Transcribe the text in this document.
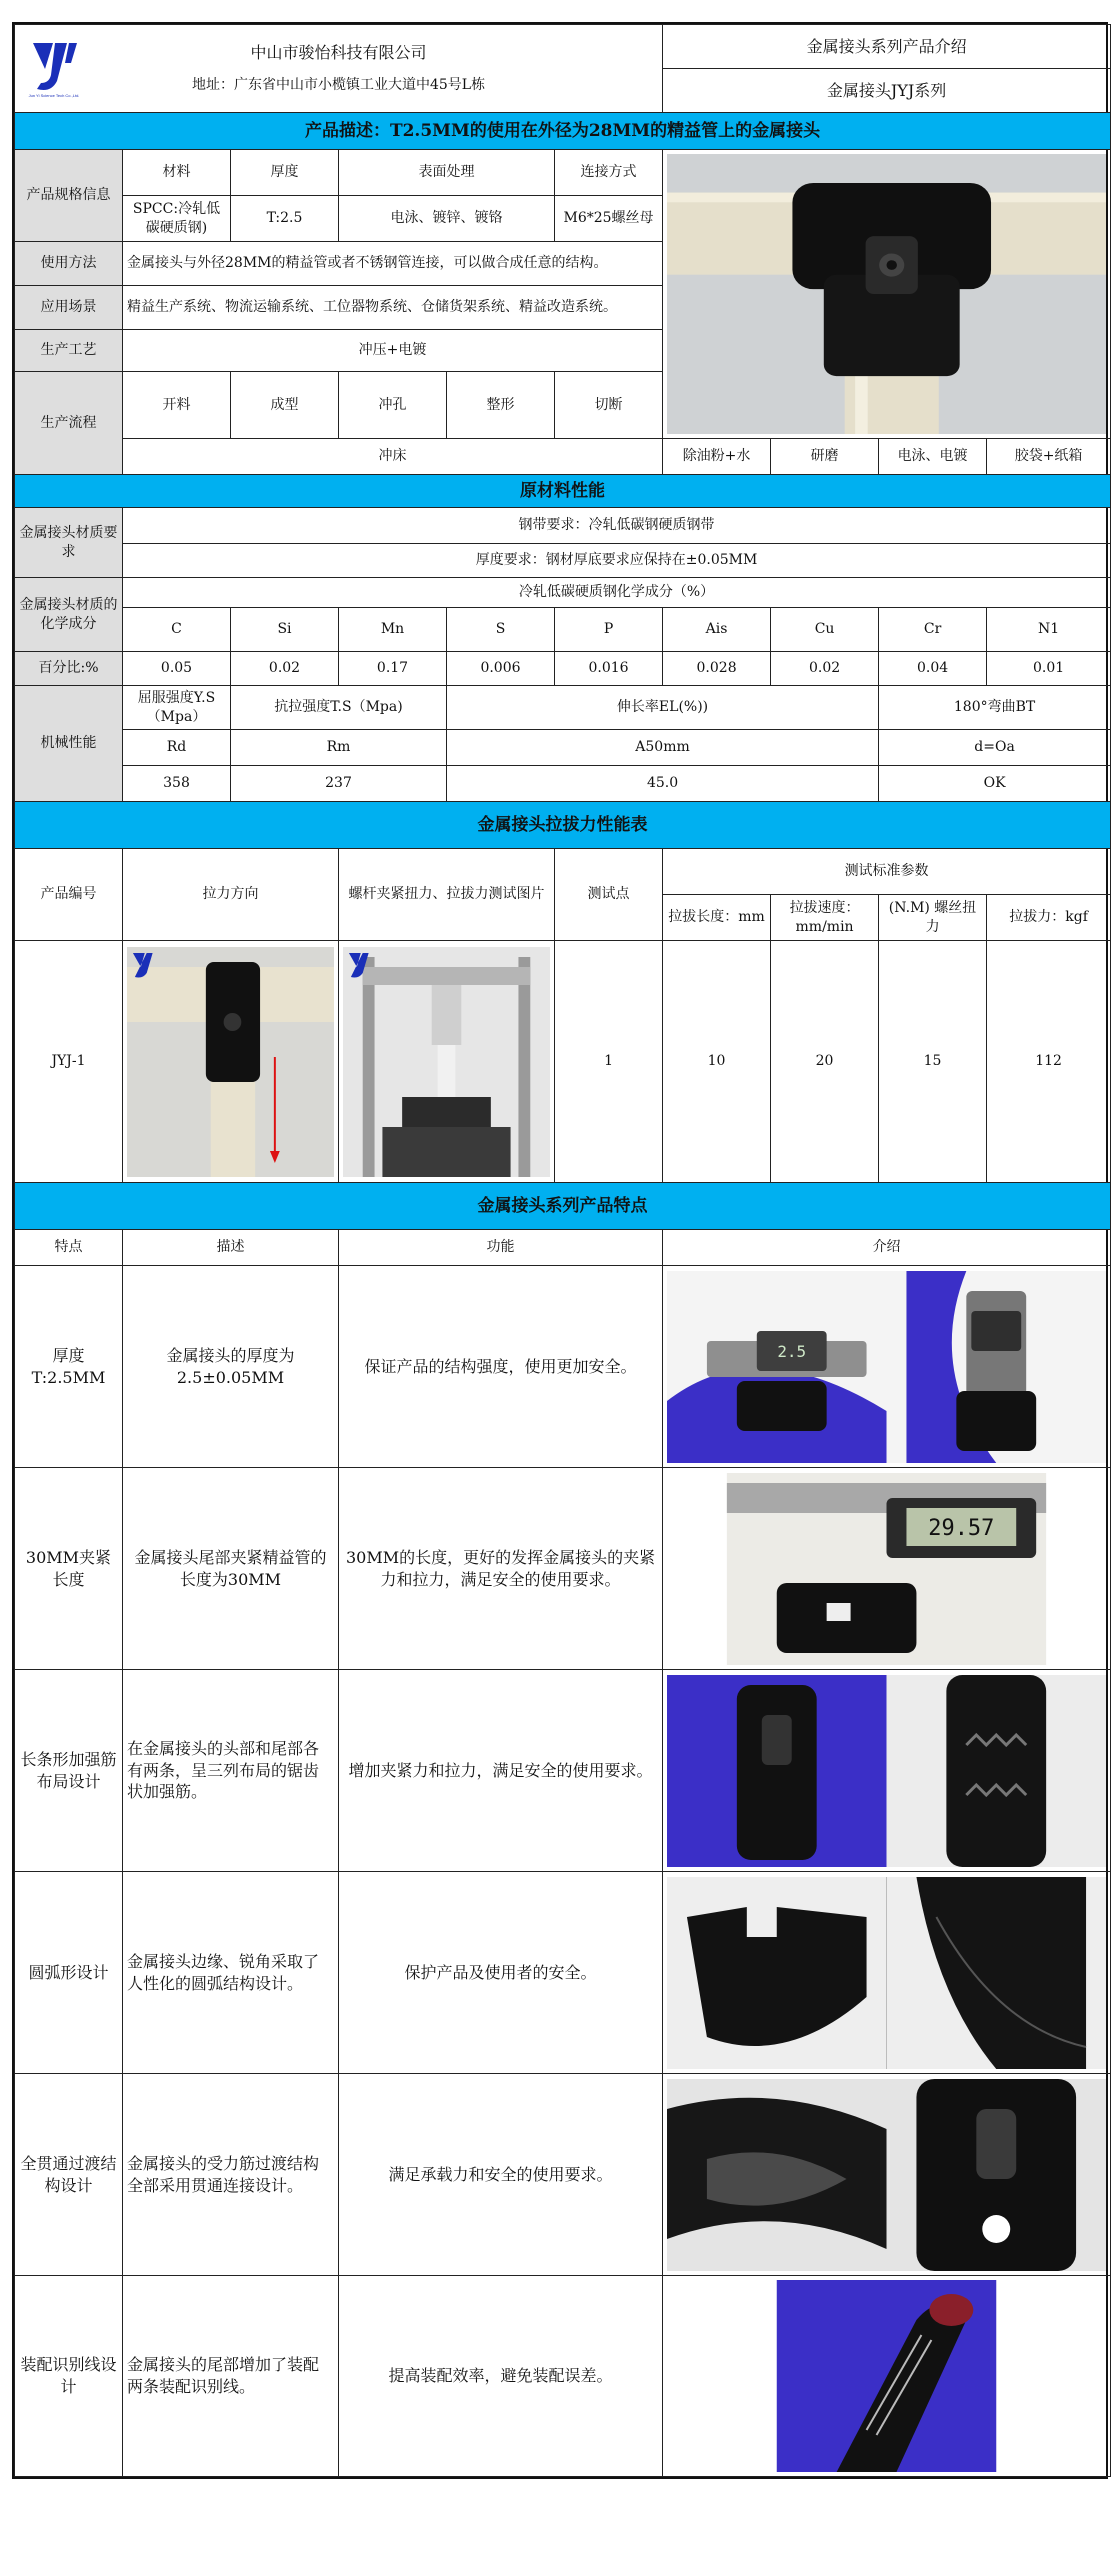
Jun Yi Science Tech Co.,Ltd.
中山市骏怡科技有限公司
地址：广东省中山市小榄镇工业大道中45号L栋						金属接头系列产品介绍			
						金属接头JYJ系列			
产品描述：T2.5MM的使用在外径为28MM的精益管上的金属接头									
产品规格信息	材料	厚度	表面处理		连接方式	

	SPCC:冷轧低碳硬质钢)	T:2.5	电泳、镀锌、镀铬		M6*25螺丝母				
使用方法	金属接头与外径28MM的精益管或者不锈钢管连接，可以做合成任意的结构。								
应用场景	精益生产系统、物流运输系统、工位器物系统、仓储货架系统、精益改造系统。								
生产工艺	冲压+电镀								
生产流程	开料	成型	冲孔	整形	切断				
	冲床					除油粉+水	研磨	电泳、电镀	胶袋+纸箱
原材料性能									
金属接头材质要求	钢带要求：冷轧低碳钢硬质钢带								
	厚度要求：钢材厚底要求应保持在±0.05MM								
金属接头材质的化学成分	冷轧低碳硬质钢化学成分（%）								
	C	Si	Mn	S	P	Ais	Cu	Cr	N1
百分比:%	0.05	0.02	0.17	0.006	0.016	0.028	0.02	0.04	0.01
机械性能	屈服强度Y.S（Mpa）	抗拉强度T.S（Mpa)		伸长率EL(%))				180°弯曲BT	
	Rd	Rm		A50mm				d=Oa	
	358	237		45.0				OK	
金属接头拉拔力性能表									
产品编号	拉力方向		螺杆夹紧扭力、拉拔力测试图片		测试点	测试标准参数			
						拉拔长度：mm	拉拔速度：mm/min	(N.M) 螺丝扭力	拉拔力：kgf
JYJ-1					1	10	20	15	112
金属接头系列产品特点									
特点	描述		功能			介绍			
厚度T:2.5MM	金属接头的厚度为2.5±0.05MM		保证产品的结构强度，使用更加安全。			2.5			

30MM夹紧长度	金属接头尾部夹紧精益管的长度为30MM		30MM的长度，更好的发挥金属接头的夹紧力和拉力，满足安全的使用要求。			29.57			

长条形加强筋布局设计	在金属接头的头部和尾部各有两条，呈三列布局的锯齿状加强筋。		增加夹紧力和拉力，满足安全的使用要求。	

圆弧形设计	金属接头边缘、锐角采取了人性化的圆弧结构设计。		保护产品及使用者的安全。	

全贯通过渡结构设计	金属接头的受力筋过渡结构全部采用贯通连接设计。		满足承载力和安全的使用要求。	

装配识别线设计	金属接头的尾部增加了装配两条装配识别线。		提高装配效率，避免装配误差。	
